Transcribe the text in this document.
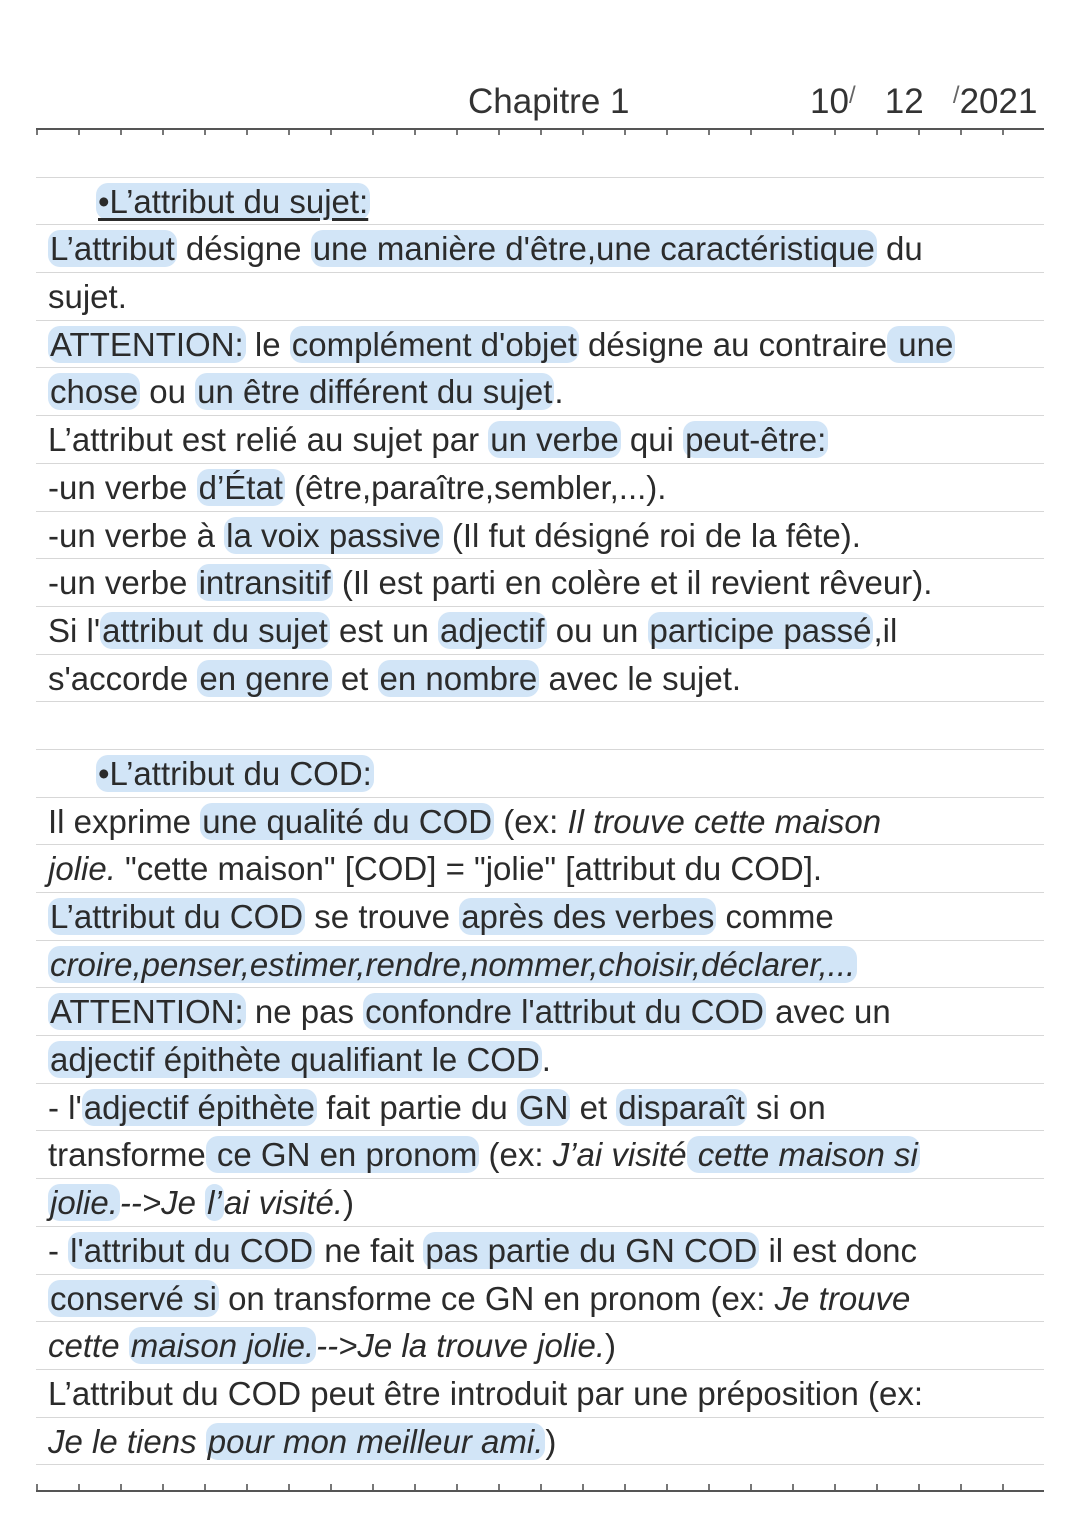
Chapitre 1	10/ 12 /2021
•L’attribut du sujet:
L’attribut désigne une manière d'être,une caractéristique du
sujet.
ATTENTION: le complément d'objet désigne au contraire une
chose ou un être différent du sujet.
L’attribut est relié au sujet par un verbe qui peut-être:
-un verbe d’État (être,paraître,sembler,...).
-un verbe à la voix passive (Il fut désigné roi de la fête).
-un verbe intransitif (Il est parti en colère et il revient rêveur).
Si l'attribut du sujet est un adjectif ou un participe passé,il
s'accorde en genre et en nombre avec le sujet.
•L’attribut du COD:
Il exprime une qualité du COD (ex: Il trouve cette maison
jolie. "cette maison" [COD] = "jolie" [attribut du COD].
L’attribut du COD se trouve après des verbes comme
croire,penser,estimer,rendre,nommer,choisir,déclarer,...
ATTENTION: ne pas confondre l'attribut du COD avec un
adjectif épithète qualifiant le COD.
- l'adjectif épithète fait partie du GN et disparaît si on
transforme ce GN en pronom (ex: J’ai visité cette maison si
jolie.-->Je l’ai visité.)
- l'attribut du COD ne fait pas partie du GN COD il est donc
conservé si on transforme ce GN en pronom (ex: Je trouve
cette maison jolie.-->Je la trouve jolie.)
L’attribut du COD peut être introduit par une préposition (ex:
Je le tiens pour mon meilleur ami.)
